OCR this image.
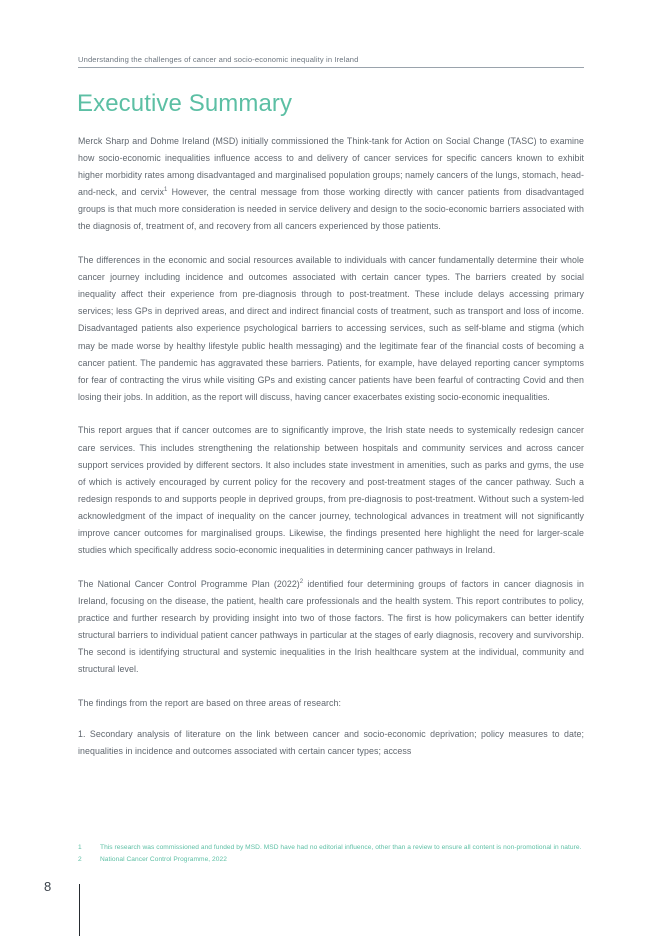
Understanding the challenges of cancer and socio-economic inequality in Ireland
Executive Summary

Merck Sharp and Dohme Ireland (MSD) initially commissioned the Think-tank for Action on Social Change (TASC) to examine how socio-economic inequalities influence access to and delivery of cancer services for specific cancers known to exhibit higher morbidity rates among disadvantaged and marginalised population groups; namely cancers of the lungs, stomach, head-and-neck, and cervix$^1$ However, the central message from those working directly with cancer patients from disadvantaged groups is that much more consideration is needed in service delivery and design to the socio-economic barriers associated with the diagnosis of, treatment of, and recovery from all cancers experienced by those patients.

The differences in the economic and social resources available to individuals with cancer fundamentally determine their whole cancer journey including incidence and outcomes associated with certain cancer types. The barriers created by social inequality affect their experience from pre-diagnosis through to post-treatment. These include delays accessing primary services; less GPs in deprived areas, and direct and indirect financial costs of treatment, such as transport and loss of income. Disadvantaged patients also experience psychological barriers to accessing services, such as self-blame and stigma (which may be made worse by healthy lifestyle public health messaging) and the legitimate fear of the financial costs of becoming a cancer patient. The pandemic has aggravated these barriers. Patients, for example, have delayed reporting cancer symptoms for fear of contracting the virus while visiting GPs and existing cancer patients have been fearful of contracting Covid and then losing their jobs. In addition, as the report will discuss, having cancer exacerbates existing socio-economic inequalities.

This report argues that if cancer outcomes are to significantly improve, the Irish state needs to systemically redesign cancer care services. This includes strengthening the relationship between hospitals and community services and across cancer support services provided by different sectors. It also includes state investment in amenities, such as parks and gyms, the use of which is actively encouraged by current policy for the recovery and post-treatment stages of the cancer pathway. Such a redesign responds to and supports people in deprived groups, from pre-diagnosis to post-treatment. Without such a system-led acknowledgment of the impact of inequality on the cancer journey, technological advances in treatment will not significantly improve cancer outcomes for marginalised groups. Likewise, the findings presented here highlight the need for larger-scale studies which specifically address socio-economic inequalities in determining cancer pathways in Ireland.

The National Cancer Control Programme Plan $(2022)^2$ identified four determining groups of factors in cancer diagnosis in Ireland, focusing on the disease, the patient, health care professionals and the health system. This report contributes to policy, practice and further research by providing insight into two of those factors. The first is how policymakers can better identify structural barriers to individual patient cancer pathways in particular at the stages of early diagnosis, recovery and survivorship. The second is identifying structural and systemic inequalities in the Irish healthcare system at the individual, community and structural level.

The findings from the report are based on three areas of research:

1. Secondary analysis of literature on the link between cancer and socio-economic deprivation; policy measures to date; inequalities in incidence and outcomes associated with certain cancer types; access

1	This research was commissioned and funded by MSD. MSD have had no editorial influence, other than a review to ensure all content is non-promotional in nature.
2	National Cancer Control Programme, 2022
8
